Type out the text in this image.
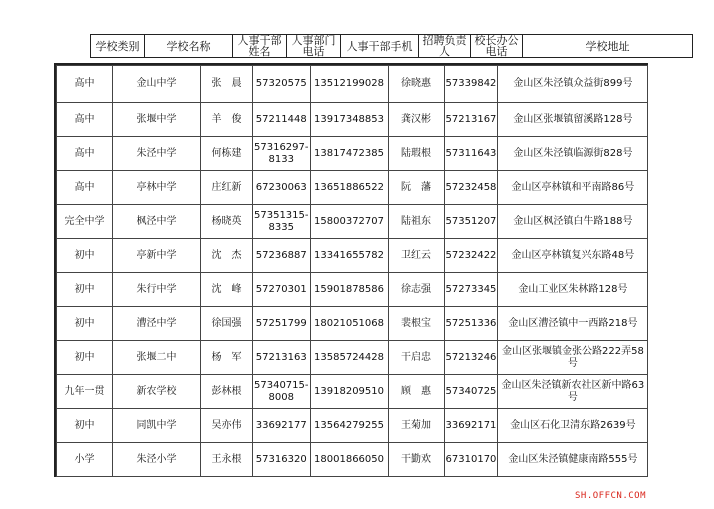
学校类别	学校名称	人事干部姓名	人事部门电话	人事干部手机	招聘负责人	校长办公电话	学校地址
高中	金山中学	张　晨	57320575	13512199028	徐晓惠	57339842	金山区朱泾镇众益街899号
高中	张堰中学	羊　俊	57211448	13917348853	龚汉彬	57213167	金山区张堰镇留溪路128号
高中	朱泾中学	何栋建	57316297-8133	13817472385	陆瑕根	57311643	金山区朱泾镇临源街828号
高中	亭林中学	庄红新	67230063	13651886522	阮　藩	57232458	金山区亭林镇和平南路86号
完全中学	枫泾中学	杨晓英	57351315-8335	15800372707	陆祖东	57351207	金山区枫泾镇白牛路188号
初中	亭新中学	沈　杰	57236887	13341655782	卫红云	57232422	金山区亭林镇复兴东路48号
初中	朱行中学	沈　峰	57270301	15901878586	徐志强	57273345	金山工业区朱林路128号
初中	漕泾中学	徐国强	57251799	18021051068	裴根宝	57251336	金山区漕泾镇中一西路218号
初中	张堰二中	杨　军	57213163	13585724428	干启忠	57213246	金山区张堰镇金张公路222弄58号
九年一贯	新农学校	彭林根	57340715-8008	13918209510	顾　惠	57340725	金山区朱泾镇新农社区新中路63号
初中	同凯中学	吴亦伟	33692177	13564279255	王菊加	33692171	金山区石化卫清东路2639号
小学	朱泾小学	王永根	57316320	18001866050	干勤欢	67310170	金山区朱泾镇健康南路555号
SH.OFFCN.COM
